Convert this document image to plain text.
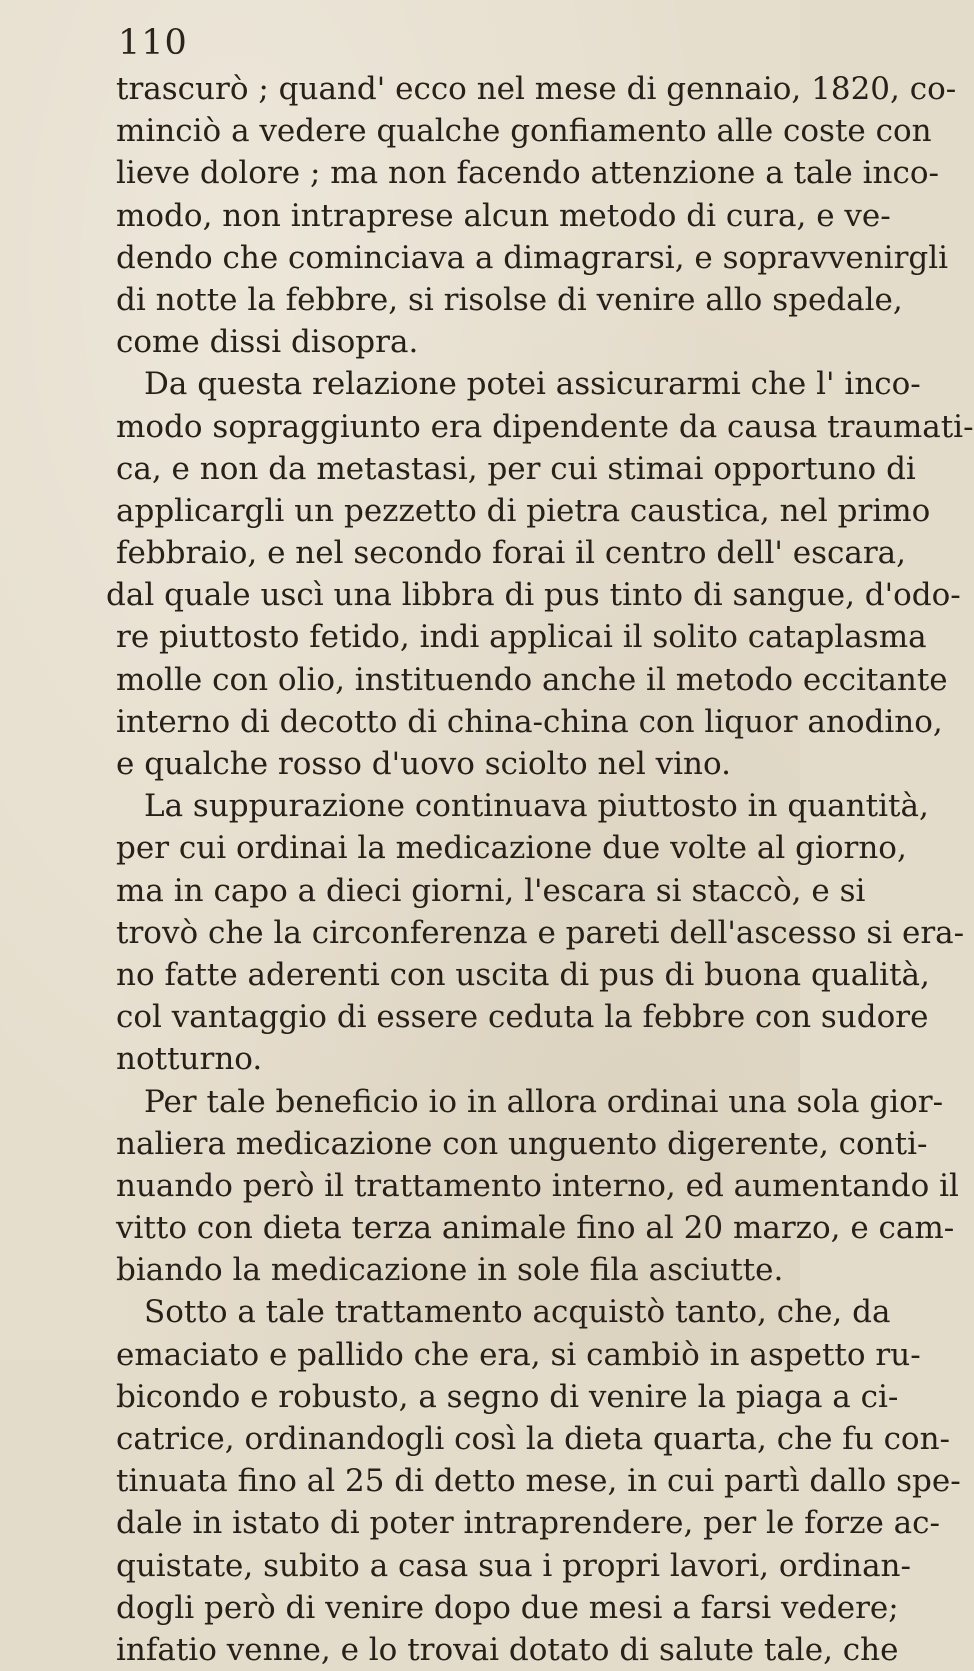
110
trascurò ; quand' ecco nel mese di gennaio, 1820, co-
minciò a vedere qualche gonfiamento alle coste con
lieve dolore ; ma non facendo attenzione a tale inco-
modo, non intraprese alcun metodo di cura, e ve-
dendo che cominciava a dimagrarsi, e sopravvenirgli
di notte la febbre, si risolse di venire allo spedale,
come dissi disopra.
Da questa relazione potei assicurarmi che l' inco-
modo sopraggiunto era dipendente da causa traumati-
ca, e non da metastasi, per cui stimai opportuno di
applicargli un pezzetto di pietra caustica, nel primo
febbraio, e nel secondo forai il centro dell' escara,
dal quale uscì una libbra di pus tinto di sangue, d'odo-
re piuttosto fetido, indi applicai il solito cataplasma
molle con olio, instituendo anche il metodo eccitante
interno di decotto di china-china con liquor anodino,
e qualche rosso d'uovo sciolto nel vino.
La suppurazione continuava piuttosto in quantità,
per cui ordinai la medicazione due volte al giorno,
ma in capo a dieci giorni, l'escara si staccò, e si
trovò che la circonferenza e pareti dell'ascesso si era-
no fatte aderenti con uscita di pus di buona qualità,
col vantaggio di essere ceduta la febbre con sudore
notturno.
Per tale beneficio io in allora ordinai una sola gior-
naliera medicazione con unguento digerente, conti-
nuando però il trattamento interno, ed aumentando il
vitto con dieta terza animale fino al 20 marzo, e cam-
biando la medicazione in sole fila asciutte.
Sotto a tale trattamento acquistò tanto, che, da
emaciato e pallido che era, si cambiò in aspetto ru-
bicondo e robusto, a segno di venire la piaga a ci-
catrice, ordinandogli così la dieta quarta, che fu con-
tinuata fino al 25 di detto mese, in cui partì dallo spe-
dale in istato di poter intraprendere, per le forze ac-
quistate, subito a casa sua i propri lavori, ordinan-
dogli però di venire dopo due mesi a farsi vedere;
infatio venne, e lo trovai dotato di salute tale, che
